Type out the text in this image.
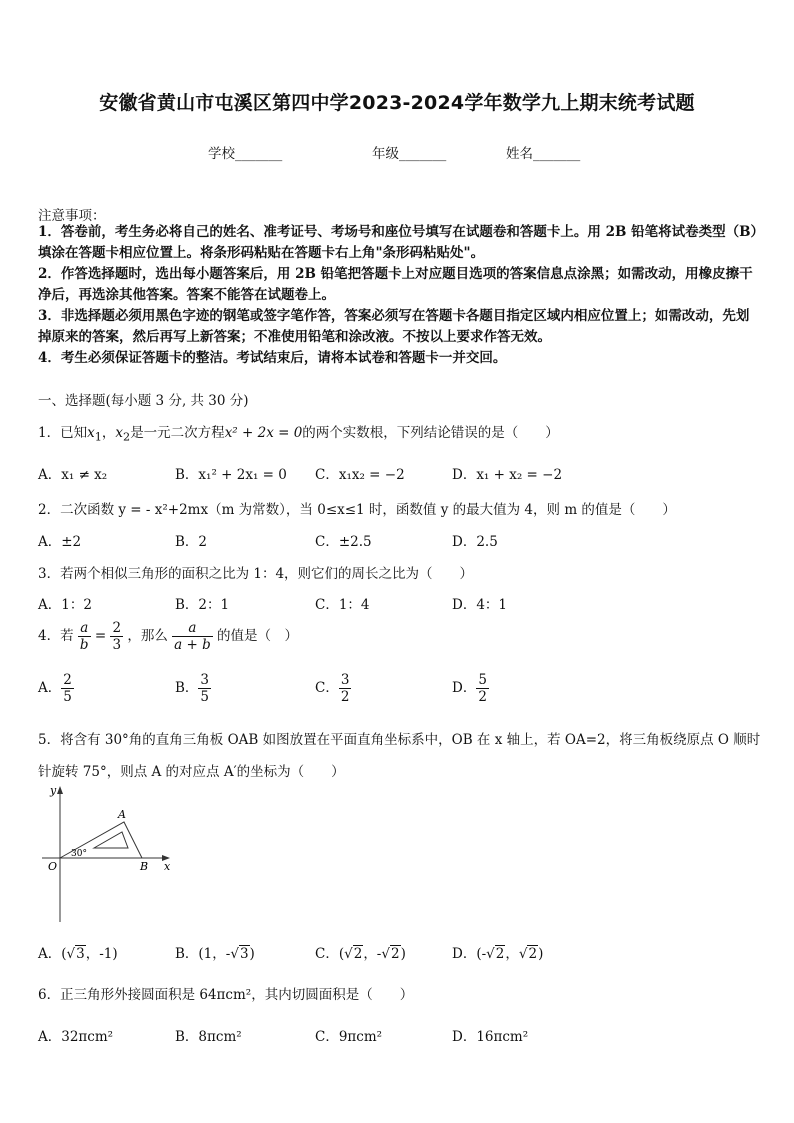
安徽省黄山市屯溪区第四中学2023-2024学年数学九上期末统考试题
学校_______	年级_______	姓名_______
注意事项：
1．答卷前，考生务必将自己的姓名、准考证号、考场号和座位号填写在试题卷和答题卡上。用 2B 铅笔将试卷类型（B）填涂在答题卡相应位置上。将条形码粘贴在答题卡右上角"条形码粘贴处"。
2．作答选择题时，选出每小题答案后，用 2B 铅笔把答题卡上对应题目选项的答案信息点涂黑；如需改动，用橡皮擦干净后，再选涂其他答案。答案不能答在试题卷上。
3．非选择题必须用黑色字迹的钢笔或签字笔作答，答案必须写在答题卡各题目指定区域内相应位置上；如需改动，先划掉原来的答案，然后再写上新答案；不准使用铅笔和涂改液。不按以上要求作答无效。
4．考生必须保证答题卡的整洁。考试结束后，请将本试卷和答题卡一并交回。
一、选择题(每小题 3 分, 共 30 分)
1．已知$x_1$，$x_2$是一元二次方程x² + 2x = 0的两个实数根，下列结论错误的是（　　）
A．x₁ ≠ x₂	B．x₁² + 2x₁ = 0 C．x₁x₂ = −2	D．x₁ + x₂ = −2
2．二次函数 y = - x²+2mx（m 为常数），当 0≤x≤1 时，函数值 y 的最大值为 4，则 m 的值是（　　）
A．±2	B．2	C．±2.5	D．2.5
3．若两个相似三角形的面积之比为 1：4，则它们的周长之比为（　　）
A．1：2	B．2：1	C．1：4	D．4：1
4．若 $\frac{a}{b} = \frac{2}{3}$ ，那么 $\frac{a}{a + b}$ 的值是（　）
A． $\frac{2}{5}$	B． $\frac{3}{5}$	C． $\frac{3}{2}$	D． $\frac{5}{2}$
5．将含有 30°角的直角三角板 OAB 如图放置在平面直角坐标系中，OB 在 x 轴上，若 OA=2，将三角板绕原点 O 顺时
针旋转 75°，则点 A 的对应点 A′的坐标为（　　）
y
x
O
A
B
30°
A．(√3，-1)	B．(1，-√3)	C．(√2，-√2)	D．(-√2，√2)
6．正三角形外接圆面积是 64πcm²，其内切圆面积是（　　）
A．32πcm²	B．8πcm²	C．9πcm²	D．16πcm²
